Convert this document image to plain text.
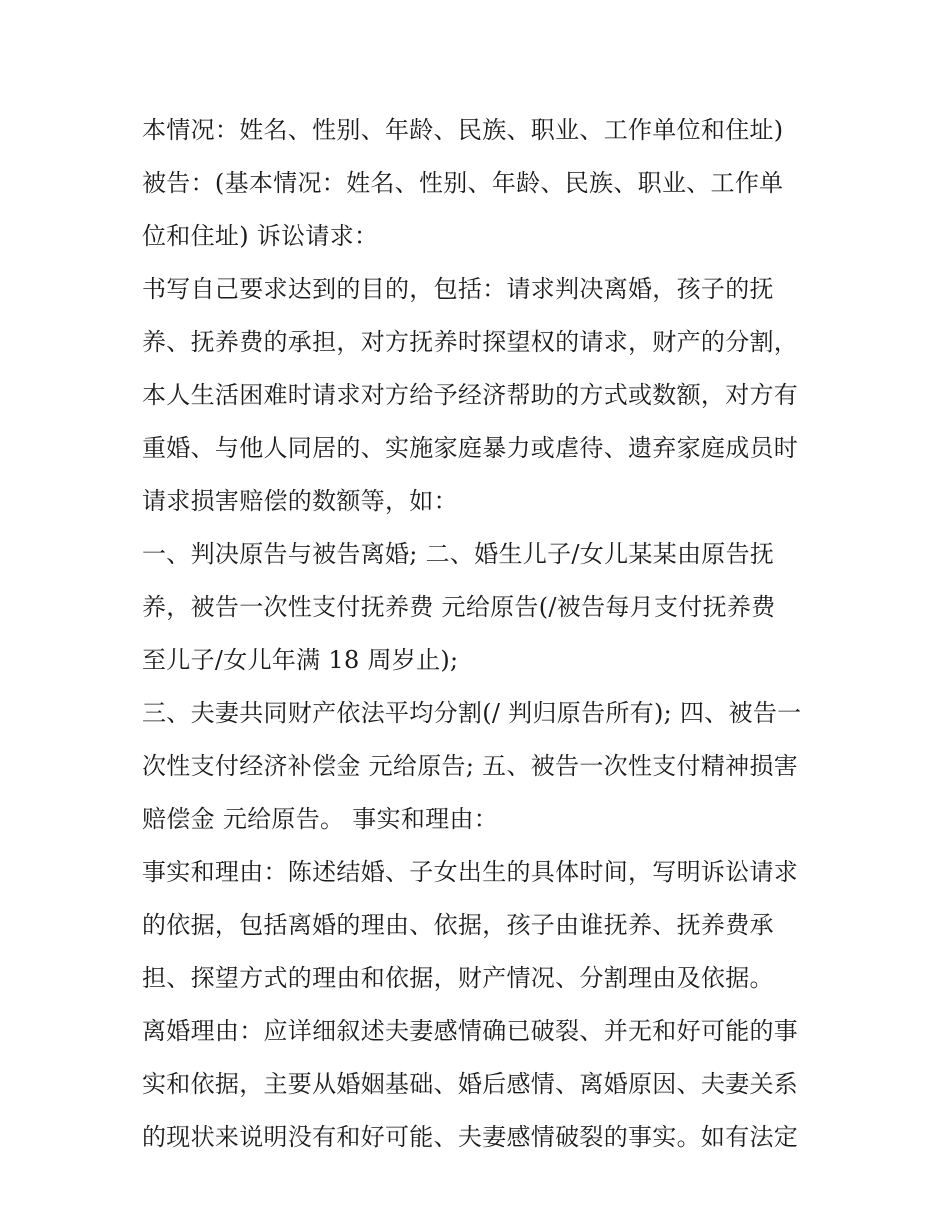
本情况：姓名、性别、年龄、民族、职业、工作单位和住址)
被告：(基本情况：姓名、性别、年龄、民族、职业、工作单
位和住址) 诉讼请求：
书写自己要求达到的目的，包括：请求判决离婚，孩子的抚
养、抚养费的承担，对方抚养时探望权的请求，财产的分割，
本人生活困难时请求对方给予经济帮助的方式或数额，对方有
重婚、与他人同居的、实施家庭暴力或虐待、遗弃家庭成员时
请求损害赔偿的数额等，如：
一、判决原告与被告离婚; 二、婚生儿子/女儿某某由原告抚
养，被告一次性支付抚养费 元给原告(/被告每月支付抚养费
至儿子/女儿年满 18 周岁止);
三、夫妻共同财产依法平均分割(/ 判归原告所有); 四、被告一
次性支付经济补偿金 元给原告; 五、被告一次性支付精神损害
赔偿金 元给原告。 事实和理由：
事实和理由：陈述结婚、子女出生的具体时间，写明诉讼请求
的依据，包括离婚的理由、依据，孩子由谁抚养、抚养费承
担、探望方式的理由和依据，财产情况、分割理由及依据。
离婚理由：应详细叙述夫妻感情确已破裂、并无和好可能的事
实和依据，主要从婚姻基础、婚后感情、离婚原因、夫妻关系
的现状来说明没有和好可能、夫妻感情破裂的事实。如有法定
